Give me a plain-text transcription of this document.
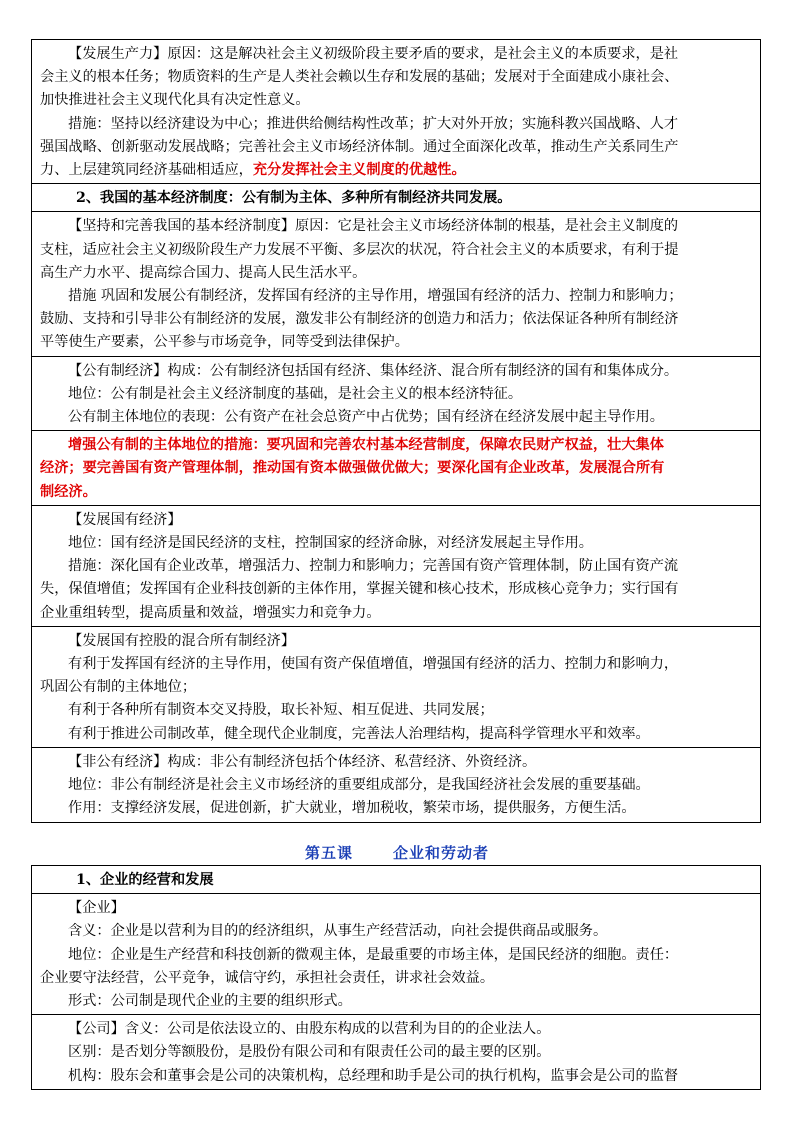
【发展生产力】原因：这是解决社会主义初级阶段主要矛盾的要求，是社会主义的本质要求，是社
会主义的根本任务；物质资料的生产是人类社会赖以生存和发展的基础；发展对于全面建成小康社会、
加快推进社会主义现代化具有决定性意义。
措施：坚持以经济建设为中心；推进供给侧结构性改革；扩大对外开放；实施科教兴国战略、人才
强国战略、创新驱动发展战略；完善社会主义市场经济体制。通过全面深化改革，推动生产关系同生产
力、上层建筑同经济基础相适应，充分发挥社会主义制度的优越性。
2、我国的基本经济制度：公有制为主体、多种所有制经济共同发展。
【坚持和完善我国的基本经济制度】原因：它是社会主义市场经济体制的根基，是社会主义制度的
支柱，适应社会主义初级阶段生产力发展不平衡、多层次的状况，符合社会主义的本质要求，有利于提
高生产力水平、提高综合国力、提高人民生活水平。
措施 巩固和发展公有制经济，发挥国有经济的主导作用，增强国有经济的活力、控制力和影响力；
鼓励、支持和引导非公有制经济的发展，激发非公有制经济的创造力和活力；依法保证各种所有制经济
平等使生产要素，公平参与市场竞争，同等受到法律保护。
【公有制经济】构成：公有制经济包括国有经济、集体经济、混合所有制经济的国有和集体成分。
地位：公有制是社会主义经济制度的基础，是社会主义的根本经济特征。
公有制主体地位的表现：公有资产在社会总资产中占优势；国有经济在经济发展中起主导作用。
增强公有制的主体地位的措施：要巩固和完善农村基本经营制度，保障农民财产权益，壮大集体
经济；要完善国有资产管理体制，推动国有资本做强做优做大；要深化国有企业改革，发展混合所有
制经济。
【发展国有经济】
地位：国有经济是国民经济的支柱，控制国家的经济命脉，对经济发展起主导作用。
措施：深化国有企业改革，增强活力、控制力和影响力；完善国有资产管理体制，防止国有资产流
失，保值增值；发挥国有企业科技创新的主体作用，掌握关键和核心技术，形成核心竞争力；实行国有
企业重组转型，提高质量和效益，增强实力和竞争力。
【发展国有控股的混合所有制经济】
有利于发挥国有经济的主导作用，使国有资产保值增值，增强国有经济的活力、控制力和影响力，
巩固公有制的主体地位；
有利于各种所有制资本交叉持股，取长补短、相互促进、共同发展；
有利于推进公司制改革，健全现代企业制度，完善法人治理结构，提高科学管理水平和效率。
【非公有经济】构成：非公有制经济包括个体经济、私营经济、外资经济。
地位：非公有制经济是社会主义市场经济的重要组成部分，是我国经济社会发展的重要基础。
作用：支撑经济发展，促进创新，扩大就业，增加税收，繁荣市场，提供服务，方便生活。
第五课	企业和劳动者
1、企业的经营和发展
【企业】
含义：企业是以营利为目的的经济组织，从事生产经营活动，向社会提供商品或服务。
地位：企业是生产经营和科技创新的微观主体，是最重要的市场主体，是国民经济的细胞。责任：
企业要守法经营，公平竞争，诚信守约，承担社会责任，讲求社会效益。
形式：公司制是现代企业的主要的组织形式。
【公司】含义：公司是依法设立的、由股东构成的以营利为目的的企业法人。
区别：是否划分等额股份，是股份有限公司和有限责任公司的最主要的区别。
机构：股东会和董事会是公司的决策机构，总经理和助手是公司的执行机构，监事会是公司的监督
